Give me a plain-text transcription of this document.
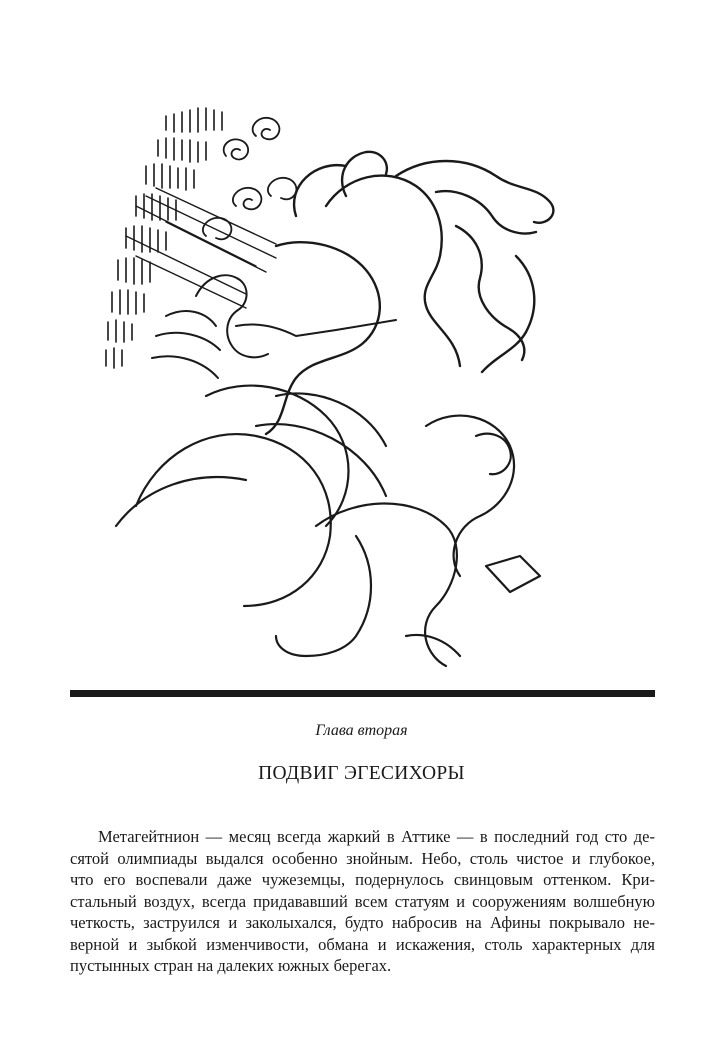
Глава вторая
ПОДВИГ ЭГЕСИХОРЫ
Метагейтнион — месяц всегда жаркий в Аттике — в последний год сто де-
сятой олимпиады выдался особенно знойным. Небо, столь чистое и глубокое,
что его воспевали даже чужеземцы, подернулось свинцовым оттенком. Кри-
стальный воздух, всегда придававший всем статуям и сооружениям волшебную
четкость, заструился и заколыхался, будто набросив на Афины покрывало не-
верной и зыбкой изменчивости, обмана и искажения, столь характерных для
пустынных стран на далеких южных берегах.
